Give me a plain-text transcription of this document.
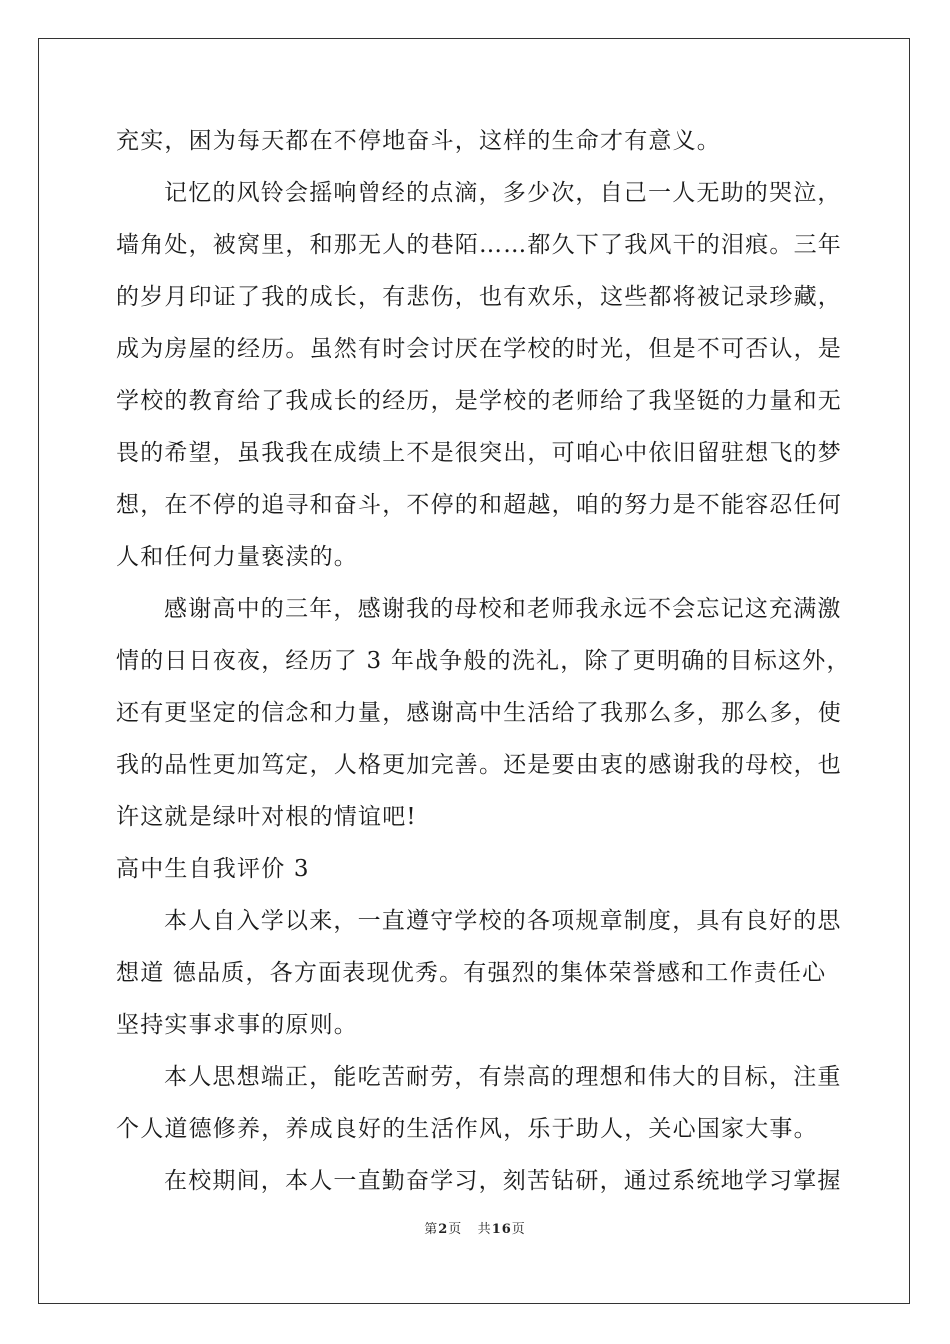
充实，困为每天都在不停地奋斗，这样的生命才有意义。
记忆的风铃会摇响曾经的点滴，多少次，自己一人无助的哭泣，
墙角处，被窝里，和那无人的巷陌……都久下了我风干的泪痕。三年
的岁月印证了我的成长，有悲伤，也有欢乐，这些都将被记录珍藏，
成为房屋的经历。虽然有时会讨厌在学校的时光，但是不可否认，是
学校的教育给了我成长的经历，是学校的老师给了我坚铤的力量和无
畏的希望，虽我我在成绩上不是很突出，可咱心中依旧留驻想飞的梦
想，在不停的追寻和奋斗，不停的和超越，咱的努力是不能容忍任何
人和任何力量亵渎的。
感谢高中的三年，感谢我的母校和老师我永远不会忘记这充满激
情的日日夜夜，经历了 3 年战争般的洗礼，除了更明确的目标这外，
还有更坚定的信念和力量，感谢高中生活给了我那么多，那么多，使
我的品性更加笃定，人格更加完善。还是要由衷的感谢我的母校，也
许这就是绿叶对根的情谊吧!
高中生自我评价 3
本人自入学以来，一直遵守学校的各项规章制度，具有良好的思
想道 德品质，各方面表现优秀。有强烈的集体荣誉感和工作责任心
坚持实事求事的原则。
本人思想端正，能吃苦耐劳，有崇高的理想和伟大的目标，注重
个人道德修养，养成良好的生活作风，乐于助人，关心国家大事。
在校期间，本人一直勤奋学习，刻苦钻研，通过系统地学习掌握
第2页 共16页
